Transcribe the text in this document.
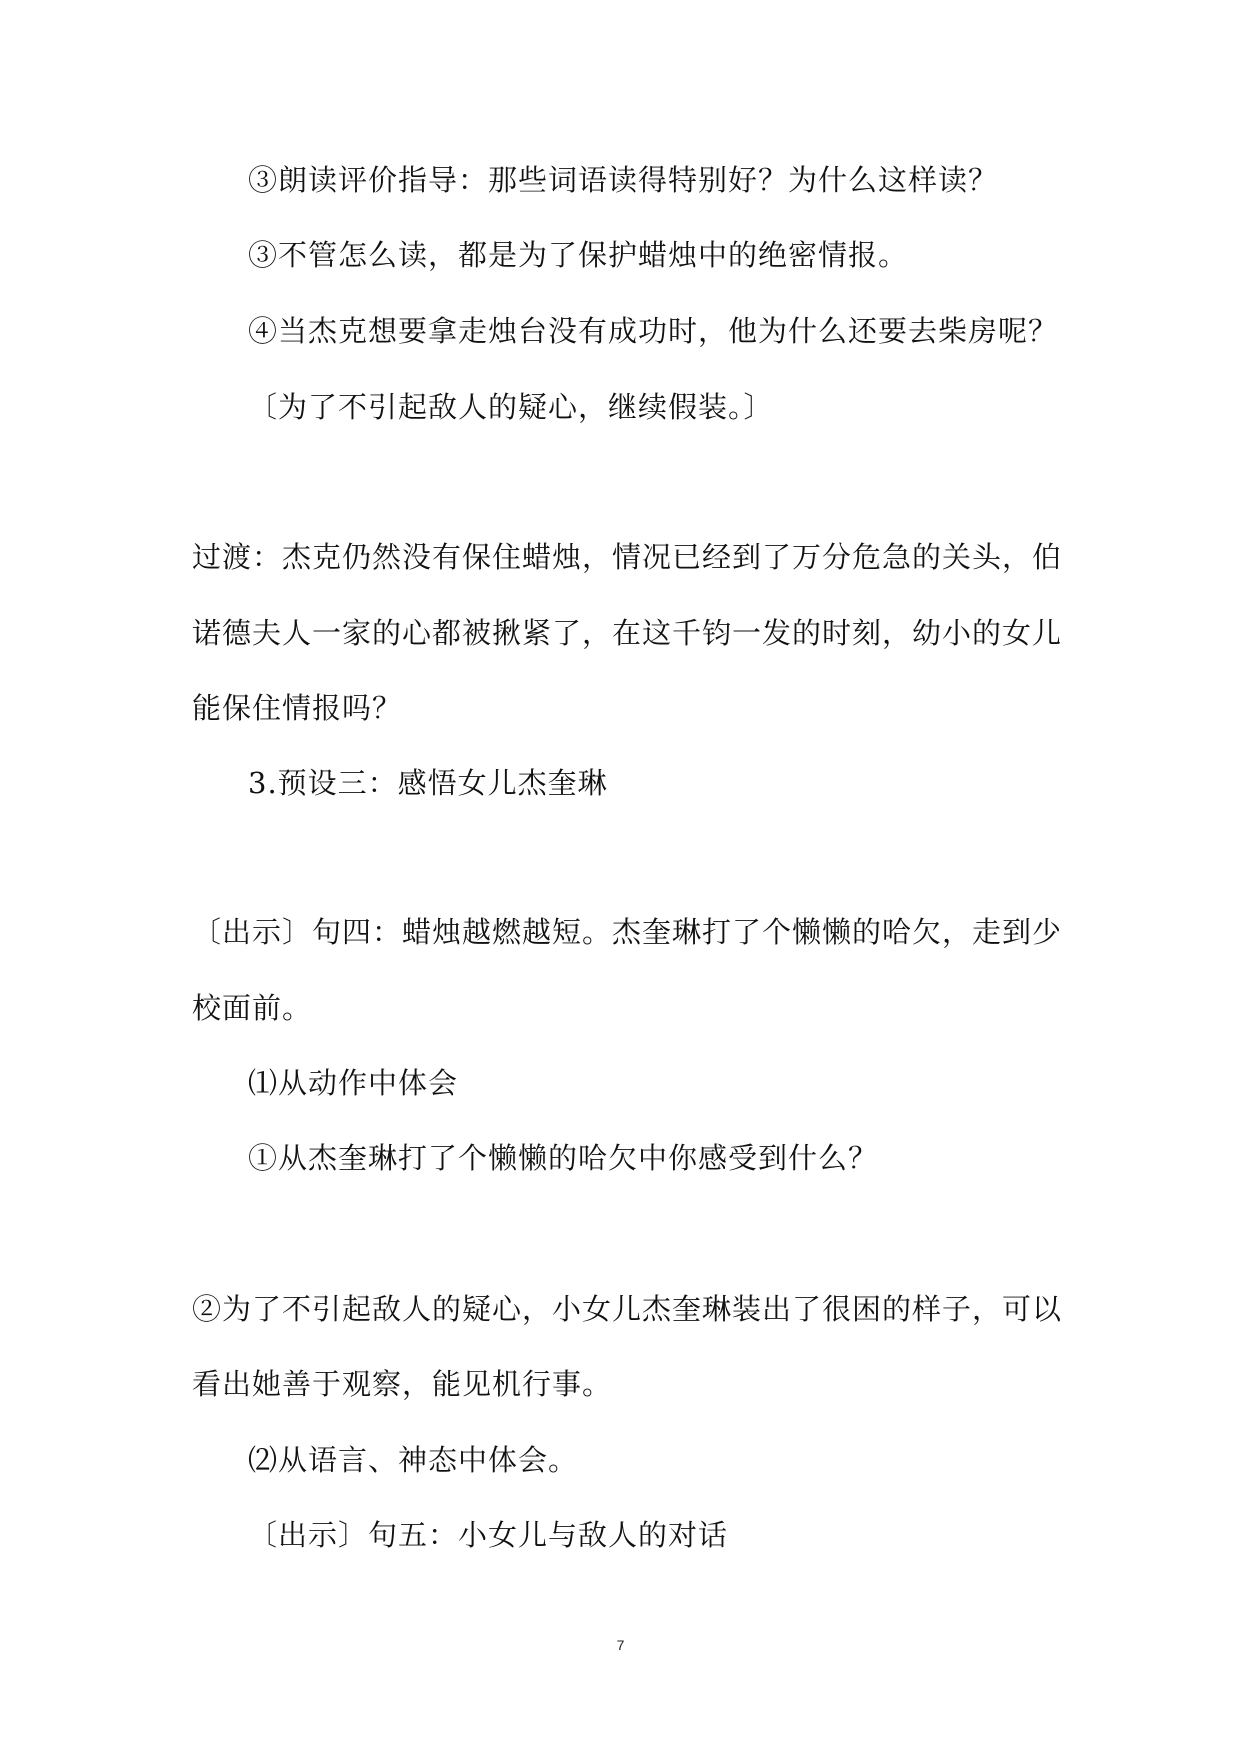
③朗读评价指导：那些词语读得特别好？为什么这样读？
③不管怎么读，都是为了保护蜡烛中的绝密情报。
④当杰克想要拿走烛台没有成功时，他为什么还要去柴房呢？
〔为了不引起敌人的疑心，继续假装。〕
过渡：杰克仍然没有保住蜡烛，情况已经到了万分危急的关头，伯
诺德夫人一家的心都被揪紧了，在这千钧一发的时刻，幼小的女儿
能保住情报吗？
3.预设三：感悟女儿杰奎琳
〔出示〕句四：蜡烛越燃越短。杰奎琳打了个懒懒的哈欠，走到少
校面前。
⑴从动作中体会
①从杰奎琳打了个懒懒的哈欠中你感受到什么？
②为了不引起敌人的疑心，小女儿杰奎琳装出了很困的样子，可以
看出她善于观察，能见机行事。
⑵从语言、神态中体会。
〔出示〕句五：小女儿与敌人的对话
7
